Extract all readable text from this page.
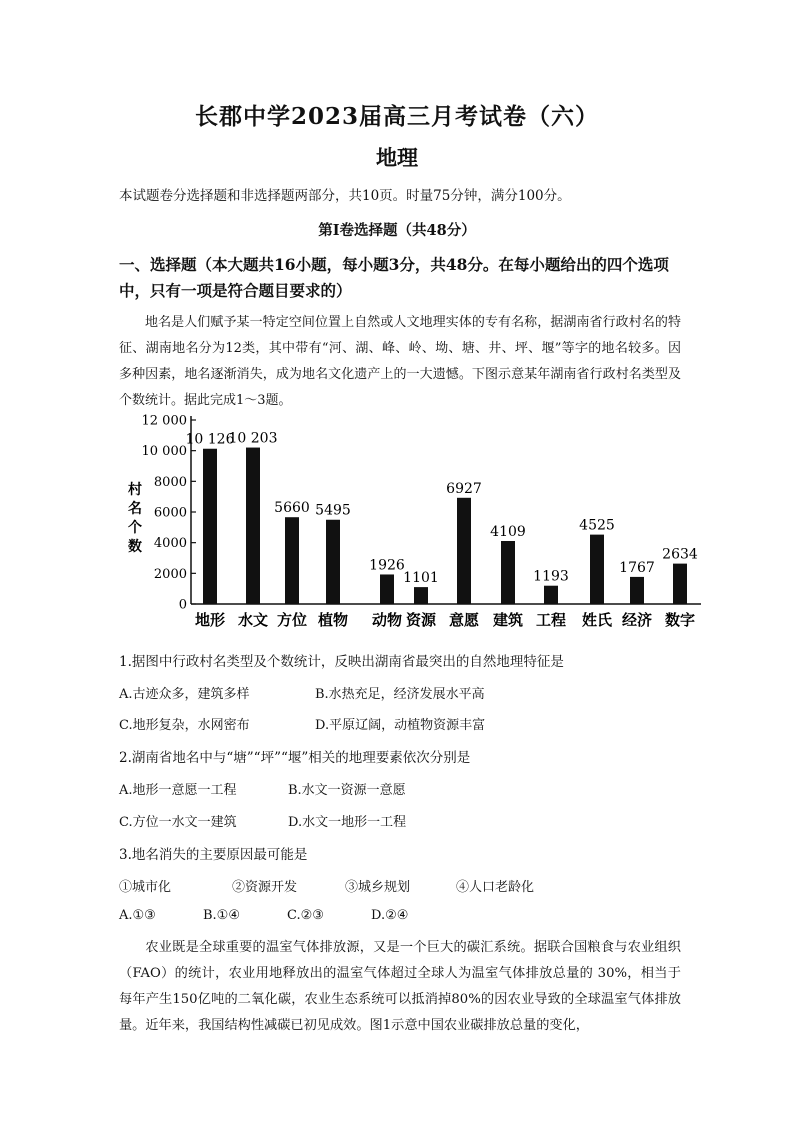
长郡中学2023届高三月考试卷（六）
地理
本试题卷分选择题和非选择题两部分，共10页。时量75分钟，满分100分。
第Ⅰ卷选择题（共48分）
一、选择题（本大题共16小题，每小题3分，共48分。在每小题给出的四个选项中，只有一项是符合题目要求的）
地名是人们赋予某一特定空间位置上自然或人文地理实体的专有名称，据湖南省行政村名的特征、湖南地名分为12类，其中带有“河、湖、峰、岭、坳、塘、井、坪、堰”等字的地名较多。因多种因素，地名逐渐消失，成为地名文化遗产上的一大遗憾。下图示意某年湖南省行政村名类型及个数统计。据此完成1～3题。
0
2000
4000
6000
8000
10 000
12 000
村
名
个
数
10 126
地形
10 203
水文
5660
方位
5495
植物
1926
动物
1101
资源
6927
意愿
4109
建筑
1193
工程
4525
姓氏
1767
经济
2634
数字
1.据图中行政村名类型及个数统计，反映出湖南省最突出的自然地理特征是
A.古迹众多，建筑多样	B.水热充足，经济发展水平高
C.地形复杂，水网密布	D.平原辽阔，动植物资源丰富
2.湖南省地名中与“塘”“坪”“堰”相关的地理要素依次分别是
A.地形一意愿一工程	B.水文一资源一意愿
C.方位一水文一建筑	D.水文一地形一工程
3.地名消失的主要原因最可能是
①城市化	②资源开发	③城乡规划	④人口老龄化
A.①③	B.①④	C.②③	D.②④
农业既是全球重要的温室气体排放源，又是一个巨大的碳汇系统。据联合国粮食与农业组织（FAO）的统计，农业用地释放出的温室气体超过全球人为温室气体排放总量的 30%，相当于每年产生150亿吨的二氧化碳，农业生态系统可以抵消掉80%的因农业导致的全球温室气体排放量。近年来，我国结构性减碳已初见成效。图1示意中国农业碳排放总量的变化，
